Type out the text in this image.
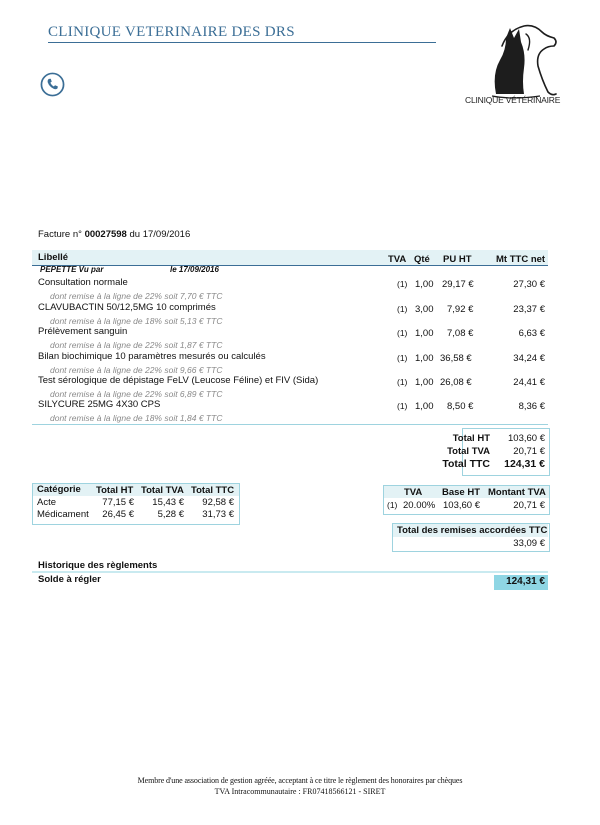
CLINIQUE VETERINAIRE DES DRS
CLINIQUE VÉTÉRINAIRE
Facture n° 00027598 du 17/09/2016
Libellé	TVA Qté PU HT	Mt TTC net
PEPETTE Vu par	le 17/09/2016
Consultation normale	(1) 1,00 29,17 €	27,30 €
dont remise à la ligne de 22% soit 7,70 € TTC
CLAVUBACTIN 50/12,5MG 10 comprimés	(1) 3,00 7,92 €	23,37 €
dont remise à la ligne de 18% soit 5,13 € TTC
Prélèvement sanguin	(1) 1,00 7,08 €	6,63 €
dont remise à la ligne de 22% soit 1,87 € TTC
Bilan biochimique 10 paramètres mesurés ou calculés	(1) 1,00 36,58 €	34,24 €
dont remise à la ligne de 22% soit 9,66 € TTC
Test sérologique de dépistage FeLV (Leucose Féline) et FIV (Sida)	(1) 1,00 26,08 €	24,41 €
dont remise à la ligne de 22% soit 6,89 € TTC
SILYCURE 25MG 4X30 CPS	(1) 1,00 8,50 €	8,36 €
dont remise à la ligne de 18% soit 1,84 € TTC
Total HT	103,60 €
Total TVA	20,71 €
Total TTC	124,31 €
Catégorie Total HT Total TVA Total TTC
Acte	77,15 €	15,43 €	92,58 €
Médicament	26,45 €	5,28 €	31,73 €
TVA Base HT Montant TVA
(1) 20.00% 103,60 €	20,71 €
Total des remises accordées TTC
33,09 €
Historique des règlements
Solde à régler	124,31 €
Membre d'une association de gestion agréée, acceptant à ce titre le règlement des honoraires par chèques
TVA Intracommunautaire : FR07418566121 - SIRET
